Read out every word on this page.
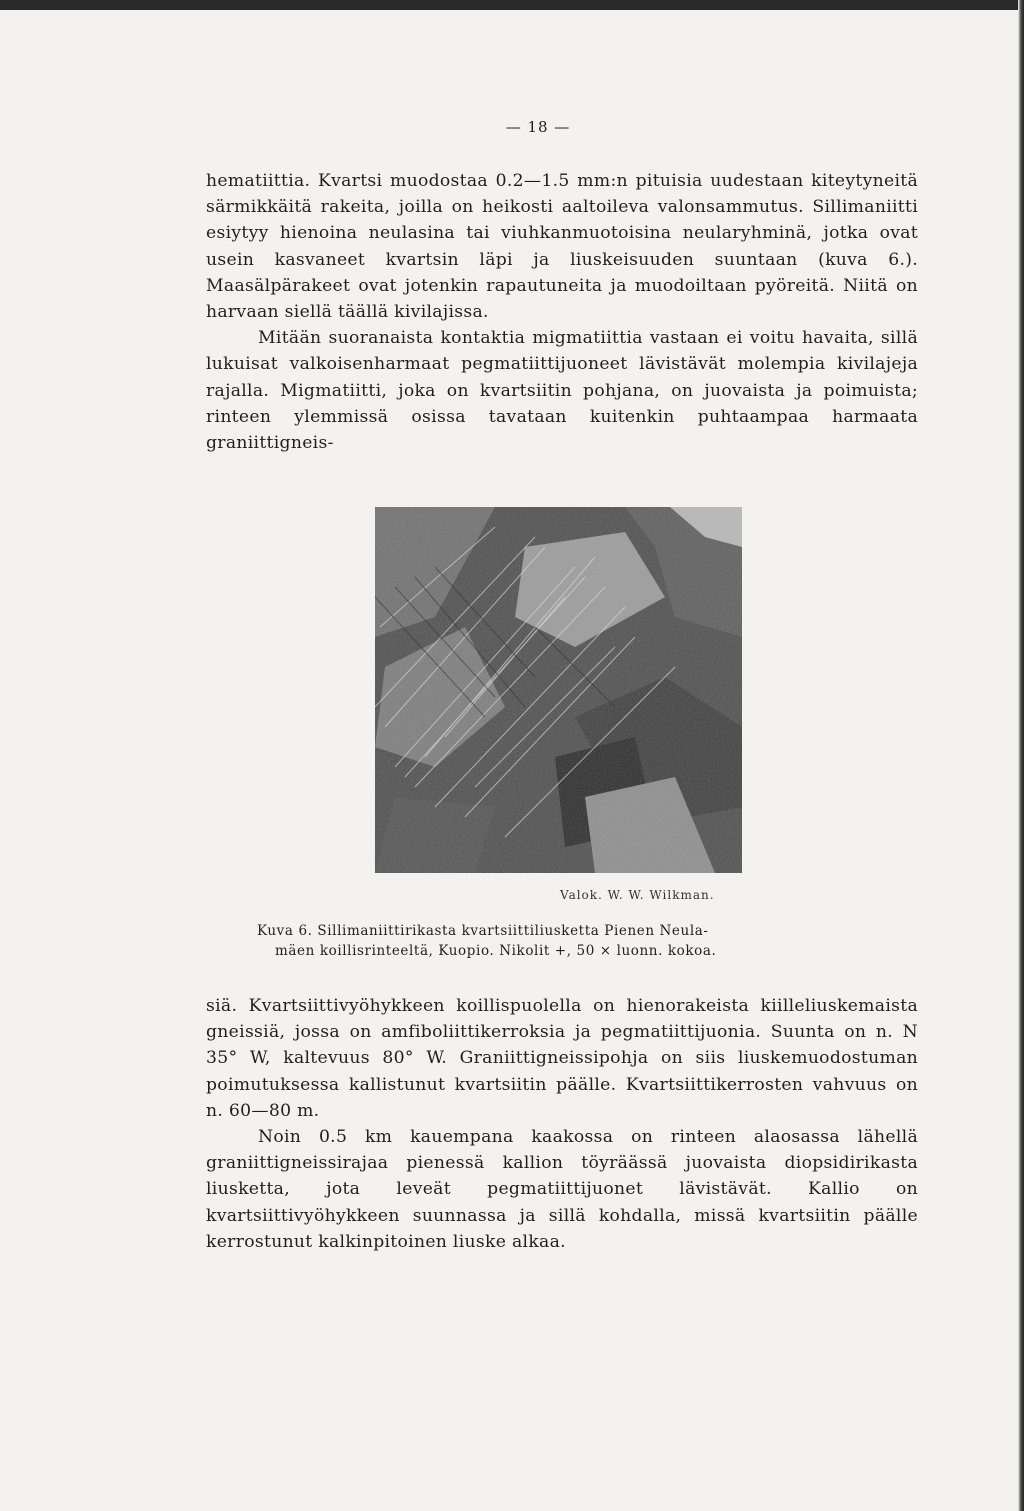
— 18 —

hematiittia. Kvartsi muodostaa 0.2—1.5 mm:n pituisia uudestaan kiteytyneitä särmikkäitä rakeita, joilla on heikosti aaltoileva valonsammutus. Sillimaniitti esiytyy hienoina neulasina tai viuhkanmuotoisina neularyhminä, jotka ovat usein kasvaneet kvartsin läpi ja liuskeisuuden suuntaan (kuva 6.). Maasälpärakeet ovat jotenkin rapautuneita ja muodoiltaan pyöreitä. Niitä on harvaan siellä täällä kivilajissa.

Mitään suoranaista kontaktia migmatiittia vastaan ei voitu havaita, sillä lukuisat valkoisenharmaat pegmatiittijuoneet lävistävät molempia kivilajeja rajalla. Migmatiitti, joka on kvartsiitin pohjana, on juovaista ja poimuista; rinteen ylemmissä osissa tavataan kuitenkin puhtaampaa harmaata graniittigneis-

Valok. W. W. Wilkman.
Kuva 6. Sillimaniittirikasta kvartsiittiliusketta Pienen Neula-
mäen koillisrinteeltä, Kuopio. Nikolit +, 50 × luonn. kokoa.

siä. Kvartsiittivyöhykkeen koillispuolella on hienorakeista kiilleliuskemaista gneissiä, jossa on amfiboliittikerroksia ja pegmatiittijuonia. Suunta on n. N 35° W, kaltevuus 80° W. Graniittigneissipohja on siis liuskemuodostuman poimutuksessa kallistunut kvartsiitin päälle. Kvartsiittikerrosten vahvuus on n. 60—80 m.

Noin 0.5 km kauempana kaakossa on rinteen alaosassa lähellä graniittigneissirajaa pienessä kallion töyräässä juovaista diopsidirikasta liusketta, jota leveät pegmatiittijuonet lävistävät. Kallio on kvartsiittivyöhykkeen suunnassa ja sillä kohdalla, missä kvartsiitin päälle kerrostunut kalkinpitoinen liuske alkaa.
